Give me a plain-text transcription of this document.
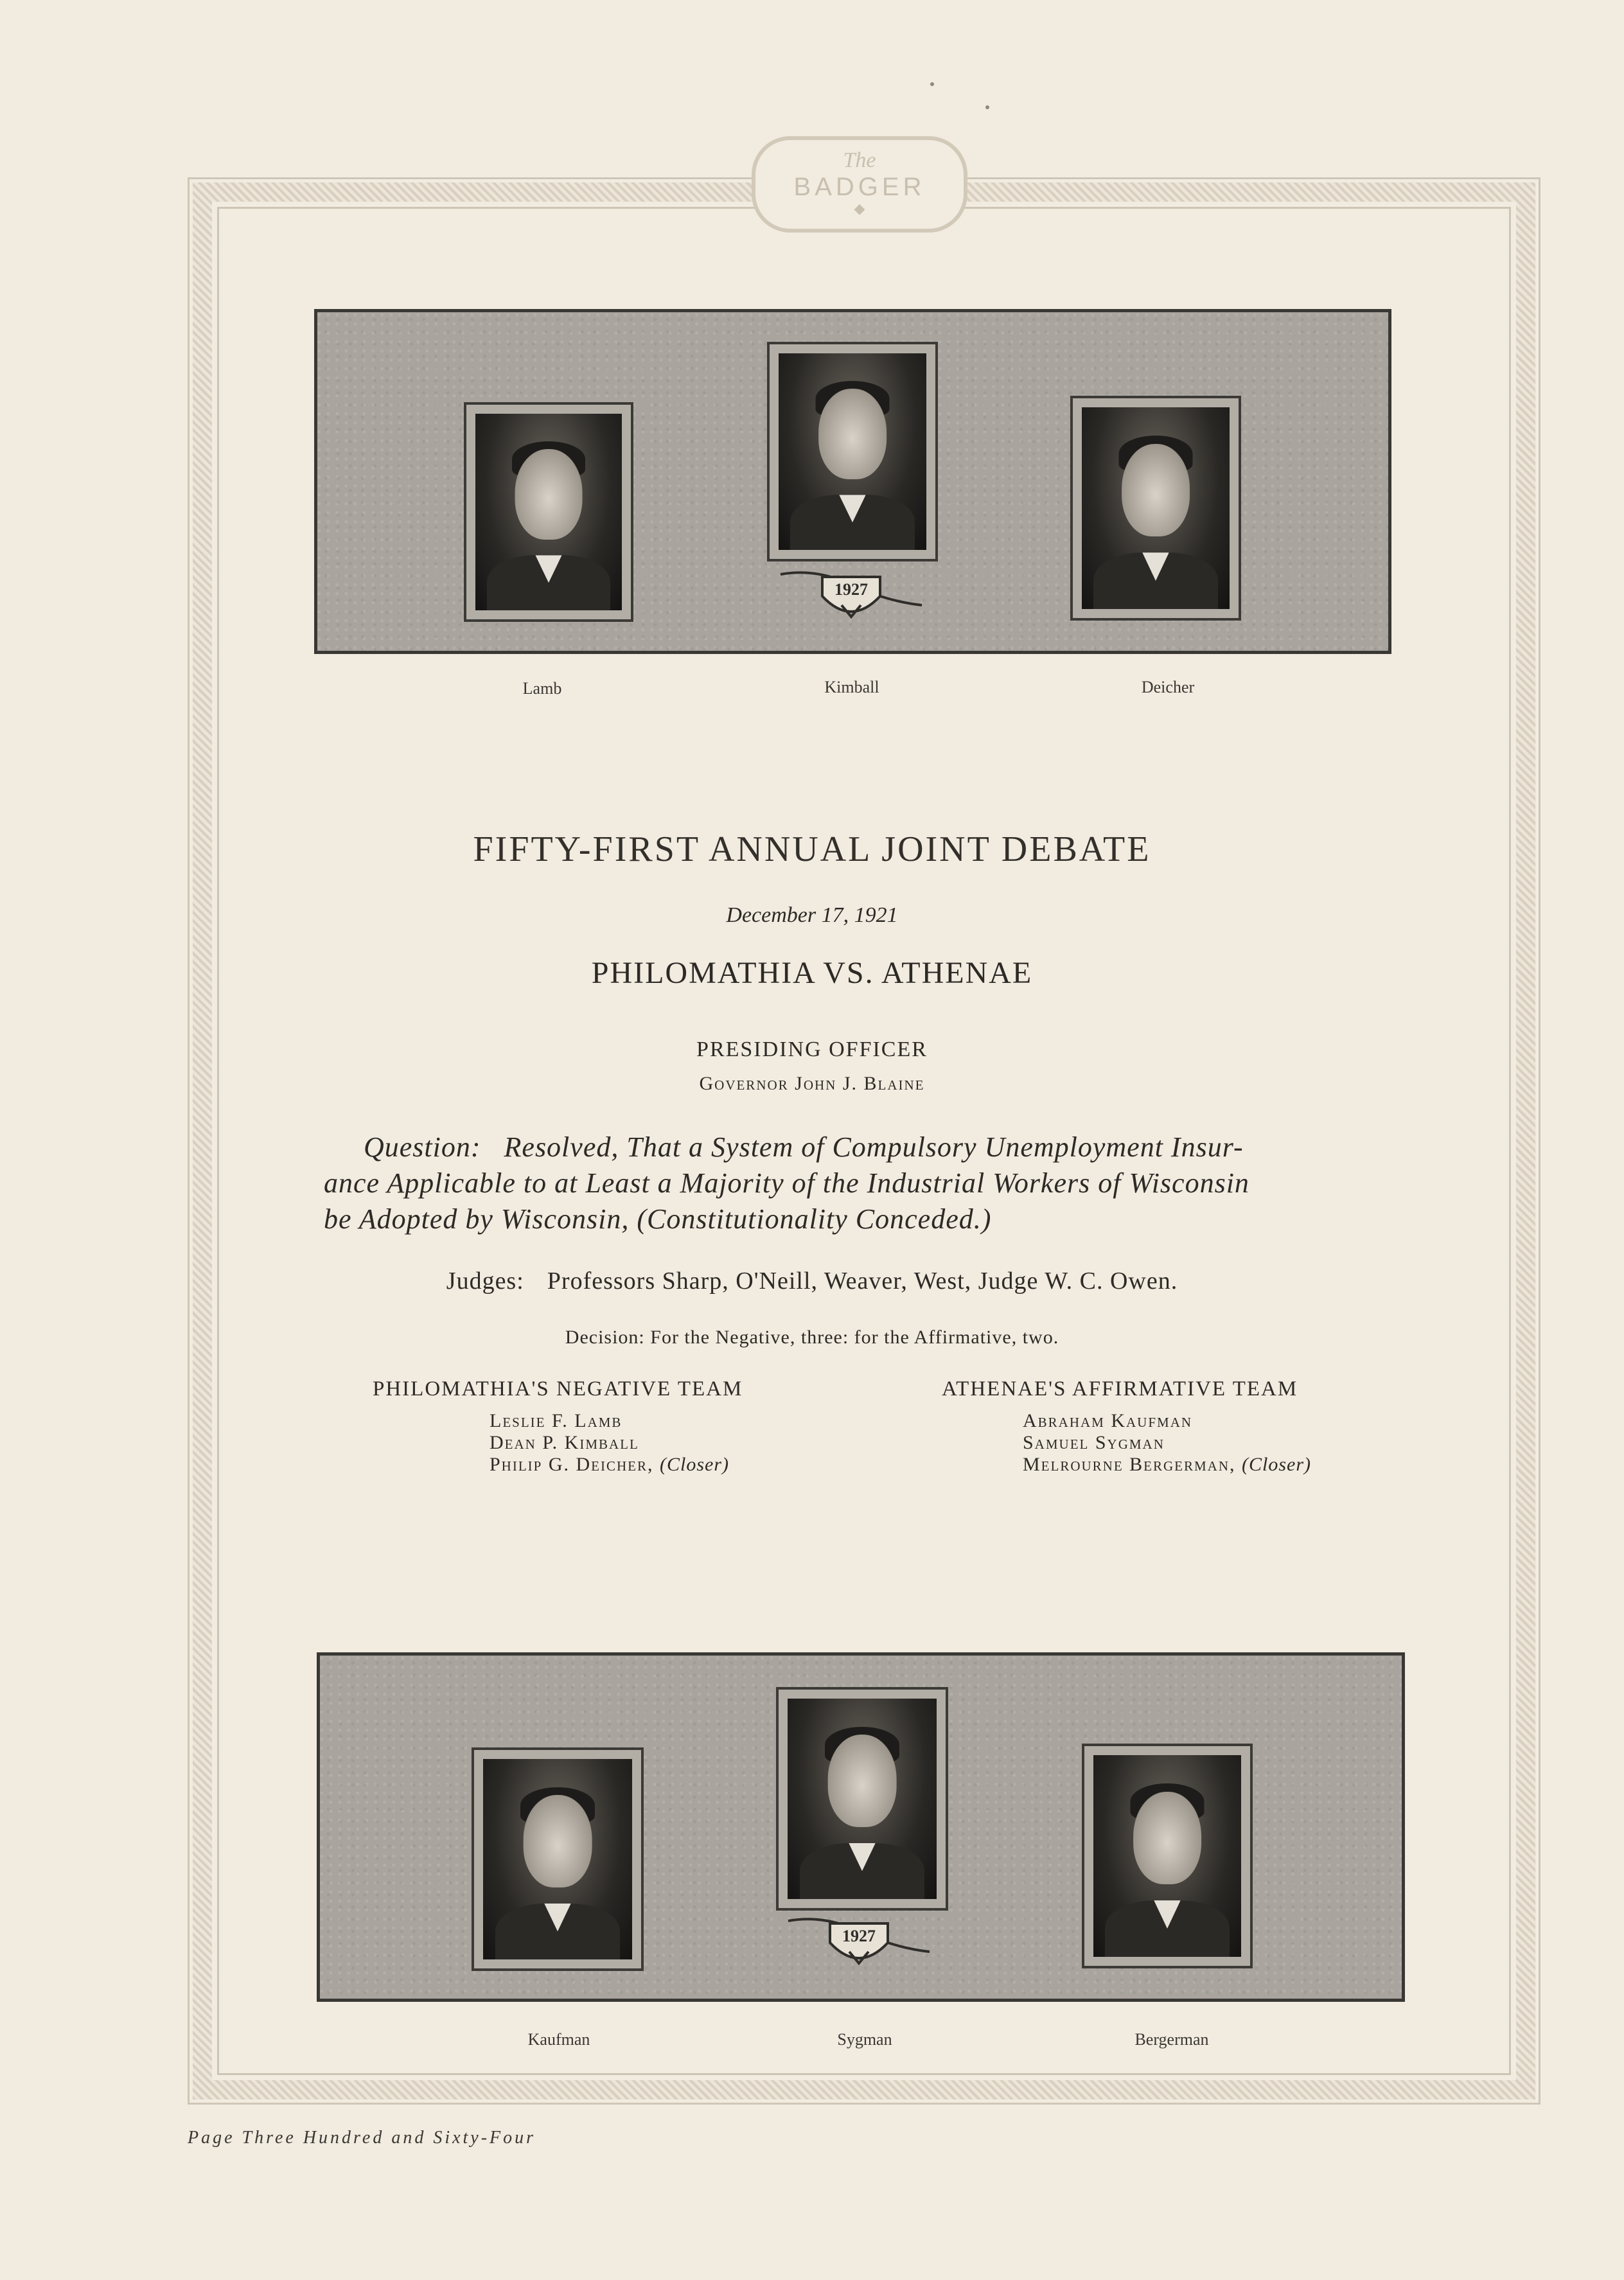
The
BADGER
◆
1927
Lamb	Kimball	Deicher
FIFTY-FIRST ANNUAL JOINT DEBATE
December 17, 1921
PHILOMATHIA VS. ATHENAE
PRESIDING OFFICER
Governor John J. Blaine
Question: Resolved, That a System of Compulsory Unemployment Insur-
ance Applicable to at Least a Majority of the Industrial Workers of Wisconsin
be Adopted by Wisconsin, (Constitutionality Conceded.)
Judges: Professors Sharp, O'Neill, Weaver, West, Judge W. C. Owen.
Decision: For the Negative, three: for the Affirmative, two.
PHILOMATHIA'S NEGATIVE TEAM
Leslie F. Lamb
Dean P. Kimball
Philip G. Deicher, (Closer)
ATHENAE'S AFFIRMATIVE TEAM
Abraham Kaufman
Samuel Sygman
Melrourne Bergerman, (Closer)
1927
Kaufman	Sygman	Bergerman
Page Three Hundred and Sixty-Four
